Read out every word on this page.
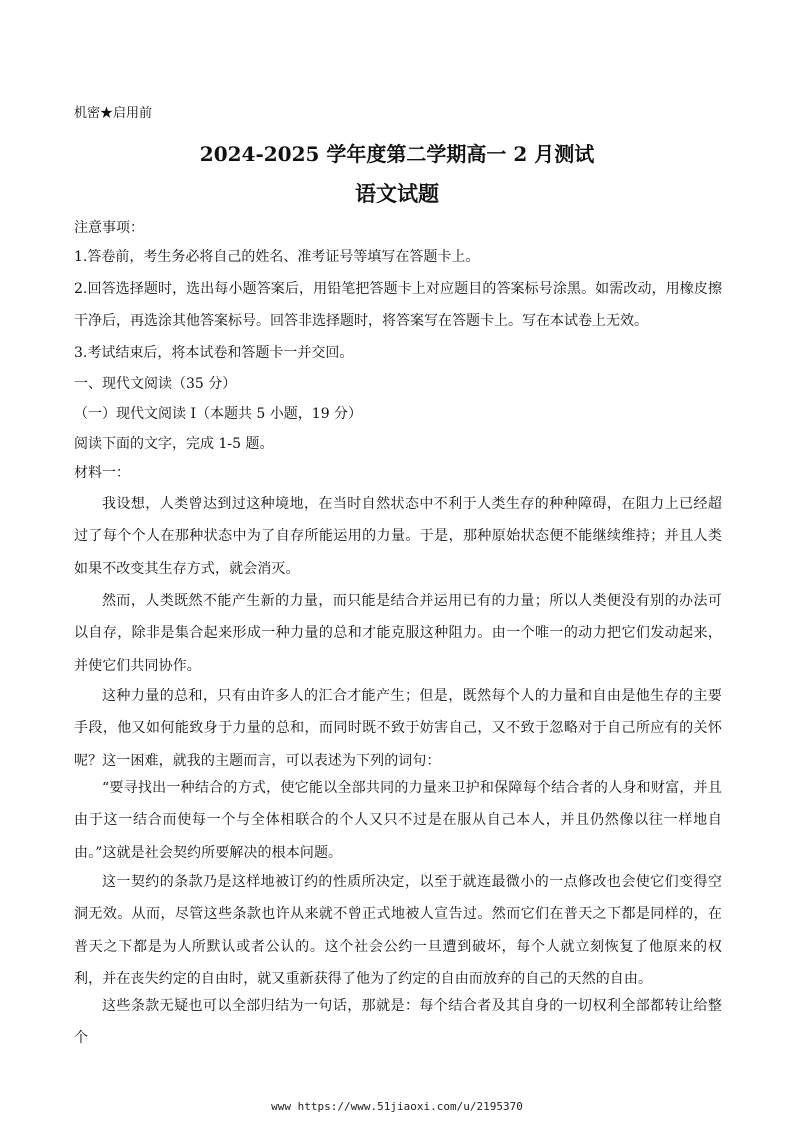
机密★启用前
2024-2025 学年度第二学期高一 2 月测试
语文试题
注意事项：
1.答卷前，考生务必将自己的姓名、准考证号等填写在答题卡上。
2.回答选择题时，选出每小题答案后，用铅笔把答题卡上对应题目的答案标号涂黑。如需改动，用橡皮擦干净后，再选涂其他答案标号。回答非选择题时，将答案写在答题卡上。写在本试卷上无效。
3.考试结束后，将本试卷和答题卡一并交回。
一、现代文阅读（35 分）
（一）现代文阅读 I（本题共 5 小题，19 分）
阅读下面的文字，完成 1-5 题。
材料一：
我设想，人类曾达到过这种境地，在当时自然状态中不利于人类生存的种种障碍，在阻力上已经超过了每个个人在那种状态中为了自存所能运用的力量。于是，那种原始状态便不能继续维持；并且人类如果不改变其生存方式，就会消灭。
然而，人类既然不能产生新的力量，而只能是结合并运用已有的力量；所以人类便没有别的办法可以自存，除非是集合起来形成一种力量的总和才能克服这种阻力。由一个唯一的动力把它们发动起来，并使它们共同协作。
这种力量的总和，只有由许多人的汇合才能产生；但是，既然每个人的力量和自由是他生存的主要手段，他又如何能致身于力量的总和，而同时既不致于妨害自己，又不致于忽略对于自己所应有的关怀呢？这一困难，就我的主题而言，可以表述为下列的词句：
“要寻找出一种结合的方式，使它能以全部共同的力量来卫护和保障每个结合者的人身和财富，并且由于这一结合而使每一个与全体相联合的个人又只不过是在服从自己本人，并且仍然像以往一样地自由。”这就是社会契约所要解决的根本问题。
这一契约的条款乃是这样地被订约的性质所决定，以至于就连最微小的一点修改也会使它们变得空洞无效。从而，尽管这些条款也许从来就不曾正式地被人宣告过。然而它们在普天之下都是同样的，在普天之下都是为人所默认或者公认的。这个社会公约一旦遭到破坏，每个人就立刻恢复了他原来的权利，并在丧失约定的自由时，就又重新获得了他为了约定的自由而放弃的自己的天然的自由。
这些条款无疑也可以全部归结为一句话，那就是：每个结合者及其自身的一切权利全部都转让给整个
www https://www.51jiaoxi.com/u/2195370
